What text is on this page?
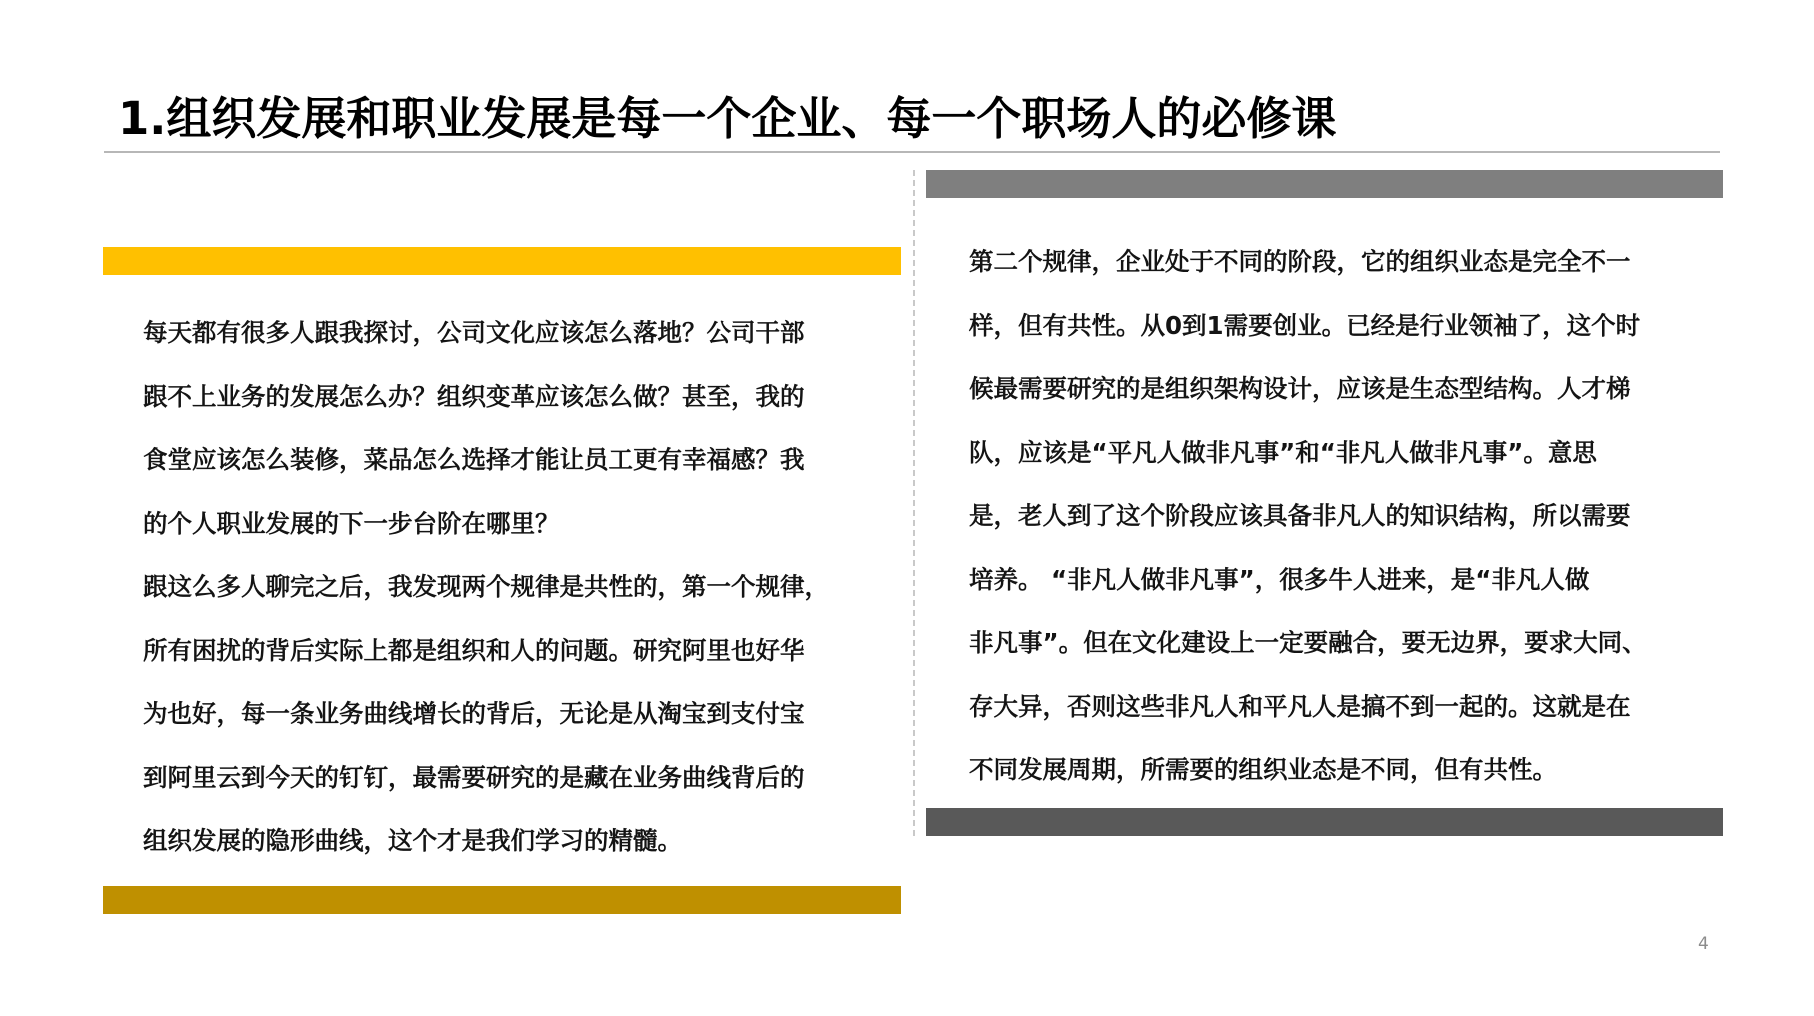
1.组织发展和职业发展是每一个企业、每一个职场人的必修课
每天都有很多人跟我探讨，公司文化应该怎么落地？公司干部
跟不上业务的发展怎么办？组织变革应该怎么做？甚至，我的
食堂应该怎么装修，菜品怎么选择才能让员工更有幸福感？我
的个人职业发展的下一步台阶在哪里？
跟这么多人聊完之后，我发现两个规律是共性的，第一个规律，
所有困扰的背后实际上都是组织和人的问题。研究阿里也好华
为也好，每一条业务曲线增长的背后，无论是从淘宝到支付宝
到阿里云到今天的钉钉，最需要研究的是藏在业务曲线背后的
组织发展的隐形曲线，这个才是我们学习的精髓。
第二个规律，企业处于不同的阶段，它的组织业态是完全不一
样，但有共性。从0到1需要创业。已经是行业领袖了，这个时
候最需要研究的是组织架构设计，应该是生态型结构。人才梯
队，应该是“平凡人做非凡事”和“非凡人做非凡事”。意思
是，老人到了这个阶段应该具备非凡人的知识结构，所以需要
培养。 “非凡人做非凡事”，很多牛人进来，是“非凡人做
非凡事”。但在文化建设上一定要融合，要无边界，要求大同、
存大异，否则这些非凡人和平凡人是搞不到一起的。这就是在
不同发展周期，所需要的组织业态是不同，但有共性。
4
